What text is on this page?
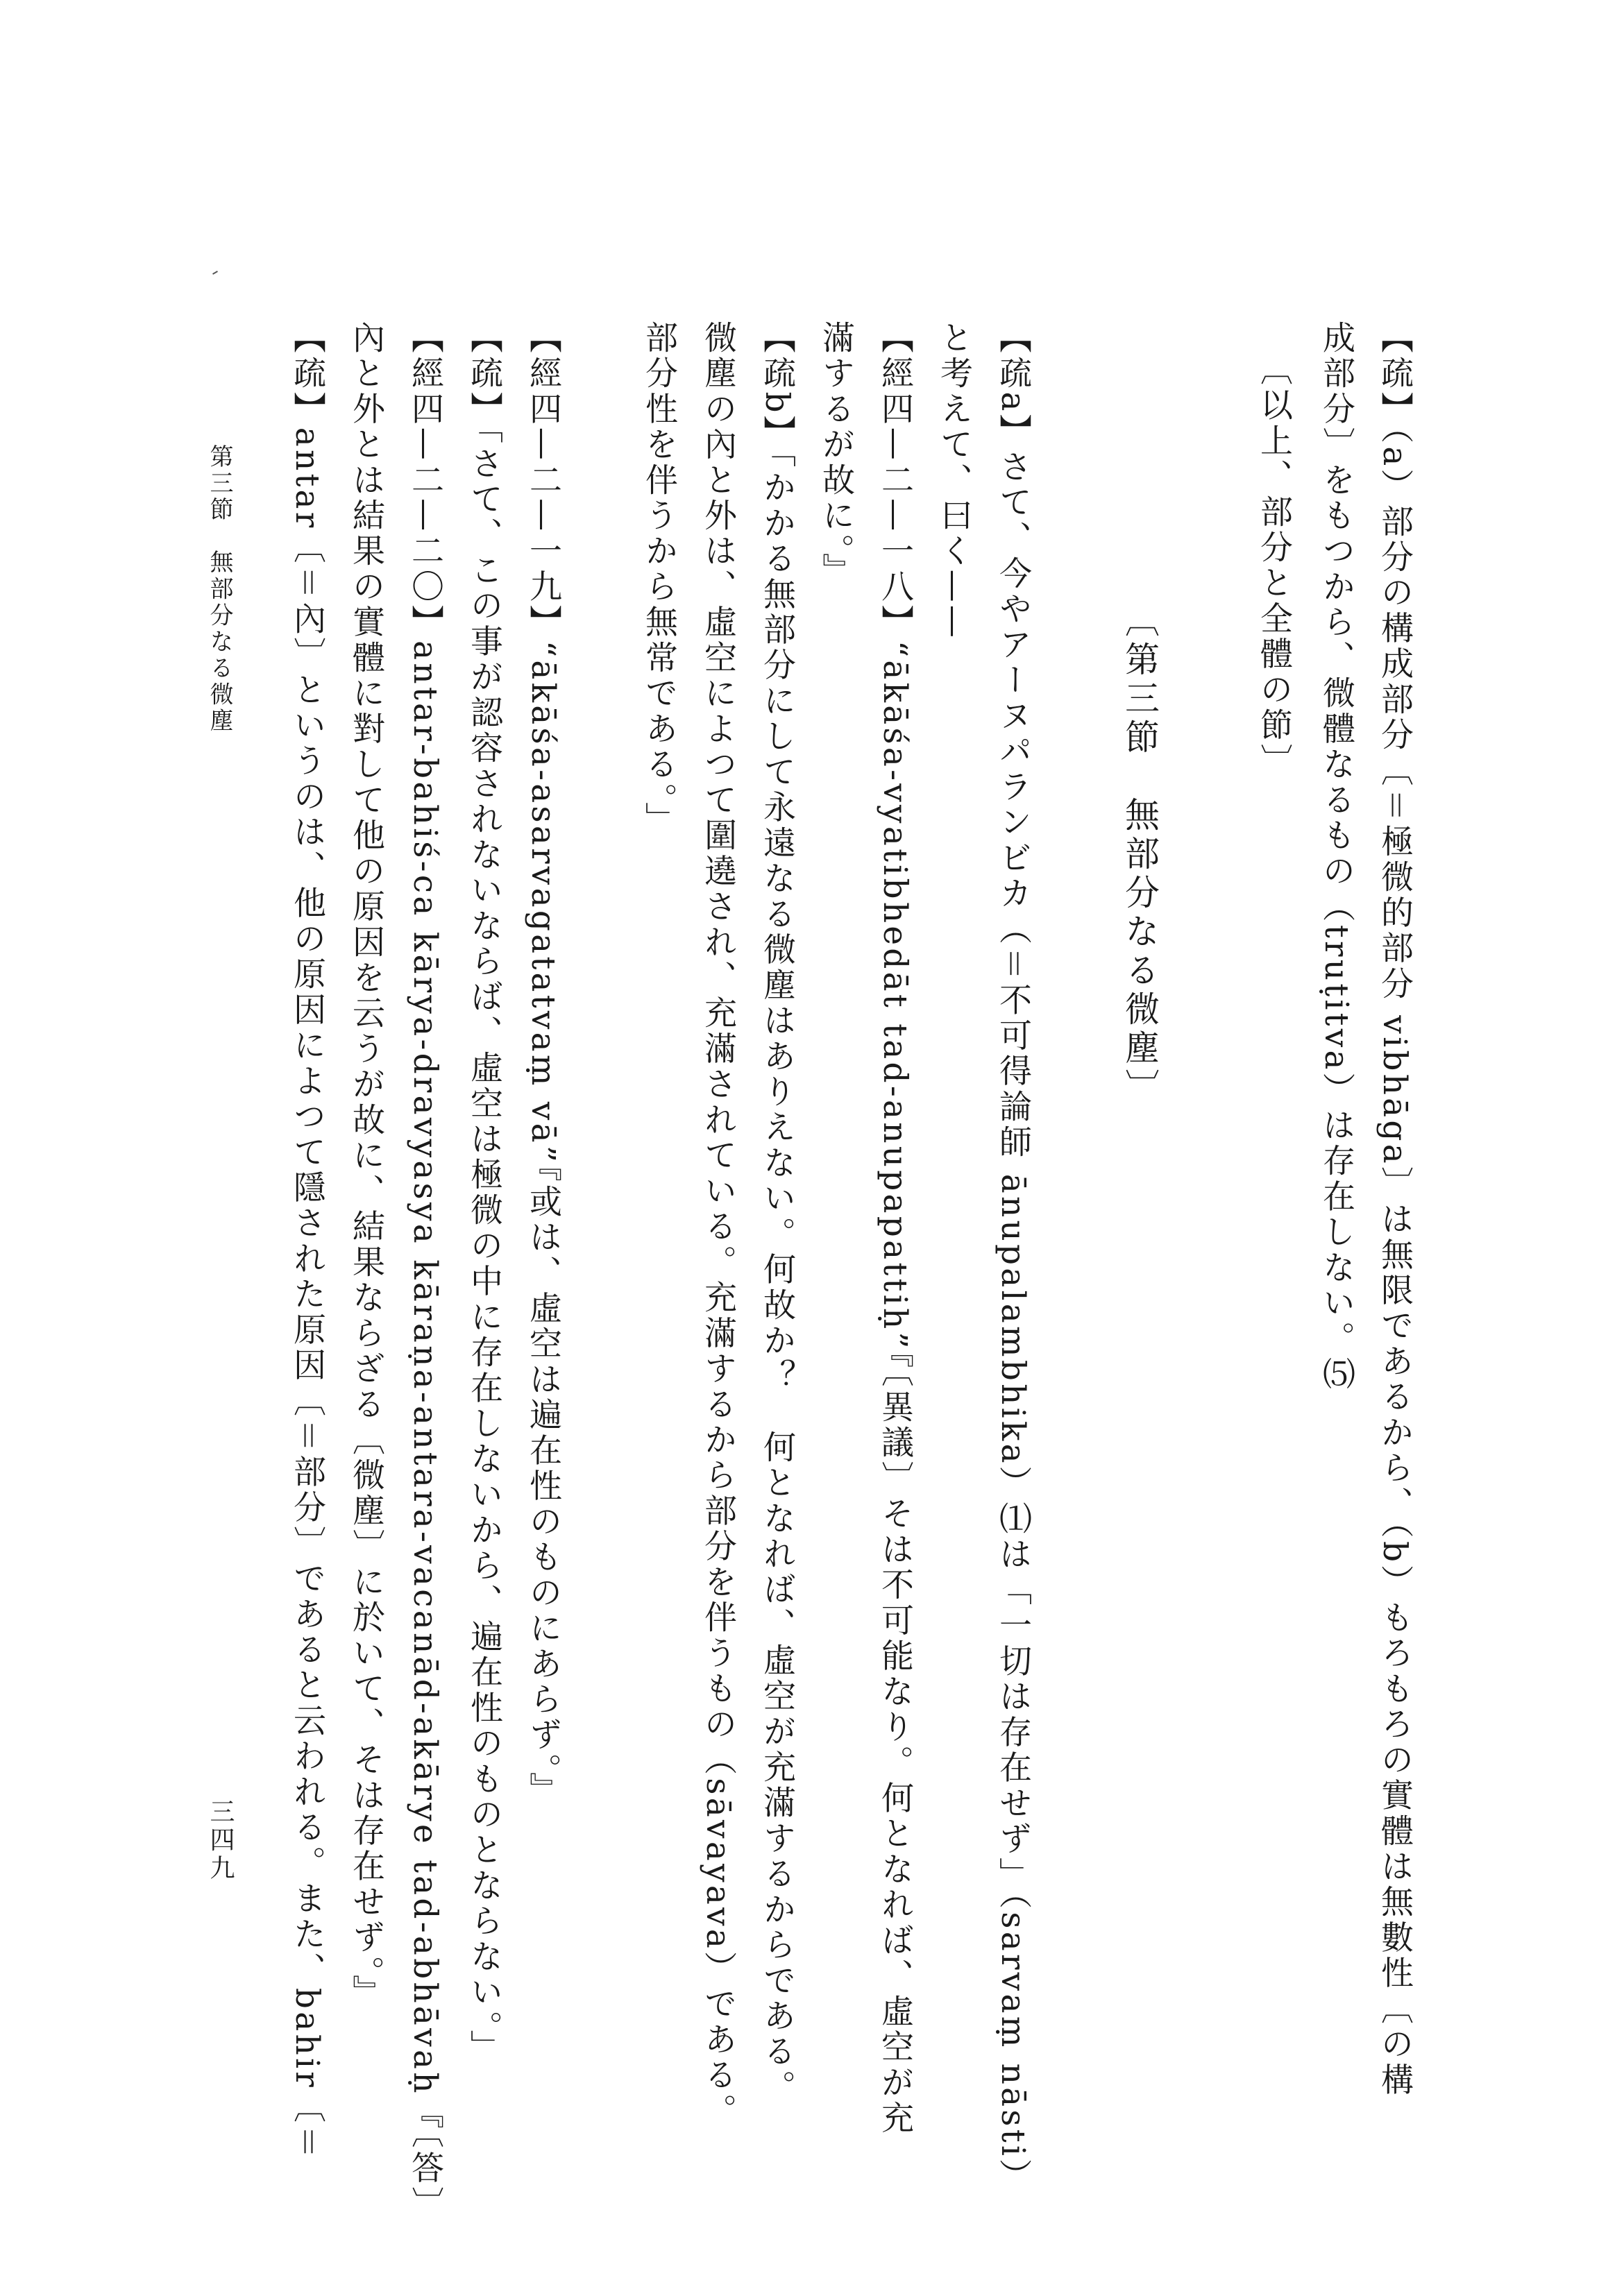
【疏】（a）部分の構成部分〔＝極微的部分 vibhāga〕は無限であるから、（b）もろもろの實體は無數性〔の構
成部分〕をもつから、微體なるもの（truṭitva）は存在しない。⑸
〔以上、部分と全體の節〕
〔第三節　無部分なる微塵〕
【疏a】さて、今やアーヌパランビカ（＝不可得論師 ānupalambhika）⑴は「一切は存在せず」（sarvaṃ nāsti）
と考えて、曰く——
【經四—二—一八】“ākāśa-vyatibhedāt tad-anupapattiḥ”『〔異議〕そは不可能なり。何となれば、虛空が充
滿するが故に。』
【疏b】「かかる無部分にして永遠なる微塵はありえない。何故か？　何となれば、虛空が充滿するからである。
微塵の內と外は、虛空によつて圍遶され、充滿されている。充滿するから部分を伴うもの（sāvayava）である。
部分性を伴うから無常である。」
【經四—二—一九】“ākāśa-asarvagatatvaṃ vā”『或は、虛空は遍在性のものにあらず。』
【疏】「さて、この事が認容されないならば、虛空は極微の中に存在しないから、遍在性のものとならない。」
【經四—二—二〇】antar-bahiś-ca kārya-dravyasya kāraṇa-antara-vacanād-akārye tad-abhāvaḥ『〔答〕
內と外とは結果の實體に對して他の原因を云うが故に、結果ならざる〔微塵〕に於いて、そは存在せず。』
【疏】antar〔＝內〕というのは、他の原因によつて隱された原因〔＝部分〕であると云われる。また、bahir〔＝
第三節　無部分なる微塵
三四九
